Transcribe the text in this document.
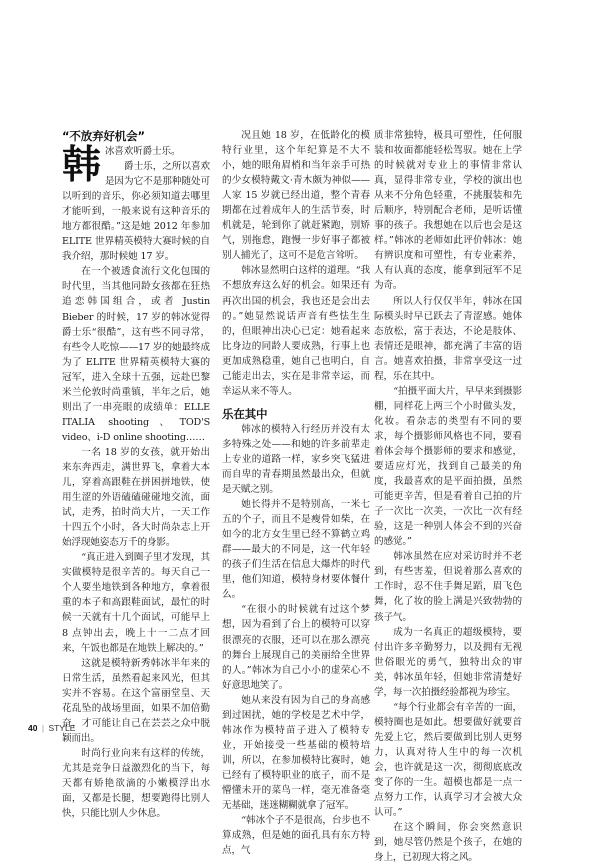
“不放弃好机会”
韩 冰喜欢听爵士乐。

爵士乐，之所以喜欢是因为它不是那种随处可以听到的音乐，你必须知道去哪里才能听到，一般来说有这种音乐的地方都很酷。”这是她 2012 年参加 ELITE 世界精英模特大赛时候的自我介绍，那时候她 17 岁。

在一个被透食流行文化包围的时代里，当其他同龄女孩都在狂热追恋韩国组合，或者 Justin Bieber 的时候，17 岁的韩冰觉得爵士乐“很酷”，这有些不同寻常，有些令人吃惊——17 岁的她最终成为了 ELITE 世界精英模特大赛的冠军，进入全球十五强，远赴巴黎米兰伦敦时尚重镇，半年之后，她则出了一串亮眼的成绩单：ELLE ITALIA shooting、TOD'S video、i-D online shooting……

一名 18 岁的女孩，就开始出来东奔西走，满世界飞，拿着大本儿，穿着高跟鞋在拼困拼地铁，使用生涩的外语磕磕碰碰地交流，面试，走秀，拍时尚大片，一天工作十四五个小时，各大时尚杂志上开始浮现她姿态万千的身影。

“真正进入到圈子里才发现，其实做模特是很辛苦的。每天自己一个人要坐地铁到各种地方，拿着很重的本子和高跟鞋面试，最忙的时候一天就有十几个面试，可能早上 8 点钟出去，晚上十一二点才回来，午饭也都是在地铁上解决的。”

这就是模特新秀韩冰半年来的日常生活，虽然看起来风光，但其实并不容易。在这个富丽堂皇、天花乱坠的战场里面，如果不加倍勤奋，才可能让自己在芸芸之众中脱颖而出。

时尚行业向来有这样的传统，尤其是竞争日益激烈化的当下，每天都有娇艳欲滴的小嫩模浮出水面，又都是长腿，想要跑得比别人快，只能比别人少休息。

况且她 18 岁，在低龄化的模特行业里，这个年纪算是不大不小，她的眼角眉梢和当年亲手可热的少女模特戴文·青木颇为神似——人家 15 岁就已经出道，整个青春期都在过着成年人的生活节奏，时机就是，轮到你了就赶紧跑，别矫气，别拖怠，跑慢一步好事子都被别人捕光了，这可不是危言耸听。

韩冰显然明白这样的道理。“我不想放弃这么好的机会。如果还有再次出国的机会，我也还是会出去的。”她显然说话声音有些怯生生的，但眼神出决心已定：她看起来比身边的同龄人要成熟，行事上也更加成熟稳重，她自己也明白，自己能走出去，实在是非常幸运，而幸运从来不等人。

乐在其中

韩冰的模特入行经历并没有太多特殊之处——和她的许多前辈走上专业的道路一样，家乡突飞猛进而自卑的青春期虽然最出众，但就是天赋之别。

她长得并不是特别高，一米七五的个子，而且不是瘦骨如柴，在如今的北方女生里已经不算鹤立鸡群——最大的不同是，这一代年轻的孩子们生活在信息大爆炸的时代里，他们知道，模特身材要体餐什么。

“在很小的时候就有过这个梦想，因为看到了台上的模特可以穿很漂亮的衣服，还可以在那么漂亮的舞台上展现自己的美丽给全世界的人。”韩冰为自己小小的虚荣心不好意思地笑了。

她从来没有因为自己的身高感到过困扰，她的学校是艺术中学，韩冰作为模特苗子进入了模特专业，开始接受一些基础的模特培训，所以，在参加模特比赛时，她已经有了模特职业的底子，而不是懵懂未开的菜鸟一样，毫无准备毫无基础，迷迷糊糊就拿了冠军。

“韩冰个子不是很高，台步也不算成熟，但是她的面孔具有东方特点，气

质非常独特，极具可塑性，任何服装和妆面都能轻松驾驭。她在上学的时候就对专业上的事情非常认真，显得非常专业，学校的演出也从来不分角色轻重，不挑服装和先后顺序，特别配合老师，是听话懂事的孩子。我想她在以后也会是这样。”韩冰的老师如此评价韩冰：她有辨识度和可塑性，有专业素养，人有认真的态度，能拿到冠军不足为奇。

所以人行仅仅半年，韩冰在国际模头时早已跃去了青涩感。她体态放松，富于表达，不论是肢体、表情还是眼神，都充满了丰富的语言。她喜欢拍摄，非常享受这一过程，乐在其中。

“拍摄平面大片，早早来到摄影棚，同样花上两三个小时做头发，化妆。看杂志的类型有不同的要求，每个摄影师风格也不同，要看着体会每个摄影师的要求和感觉，要适应灯光，找到自己最美的角度，我最喜欢的是平面拍摄，虽然可能更辛苦，但是看着自己拍的片子一次比一次美，一次比一次有经验，这是一种别人体会不到的兴奋的感觉。”

韩冰虽然在应对采访时并不老到，有些害羞，但说着那么喜欢的工作时，忍不住手舞足蹈，眉飞色舞，化了妆的脸上满是兴致勃勃的孩子气。

成为一名真正的超级模特，要付出许多辛勤努力，以及拥有无视世俗眼光的勇气，独特出众的审美，韩冰虽年轻，但她非常清楚好学，每一次拍摄经验都视为珍宝。

“每个行业都会有辛苦的一面，模特圈也是如此。想要做好就要首先爱上它，然后要做到比别人更努力，认真对待人生中的每一次机会，也许就是这一次，彻彻底底改变了你的一生。超模也都是一点一点努力工作，认真学习才会被大众认可。”

在这个瞬间，你会突然意识到，她尽管仍然是个孩子，在她的身上，已初现大将之风。

40 | STYLE
